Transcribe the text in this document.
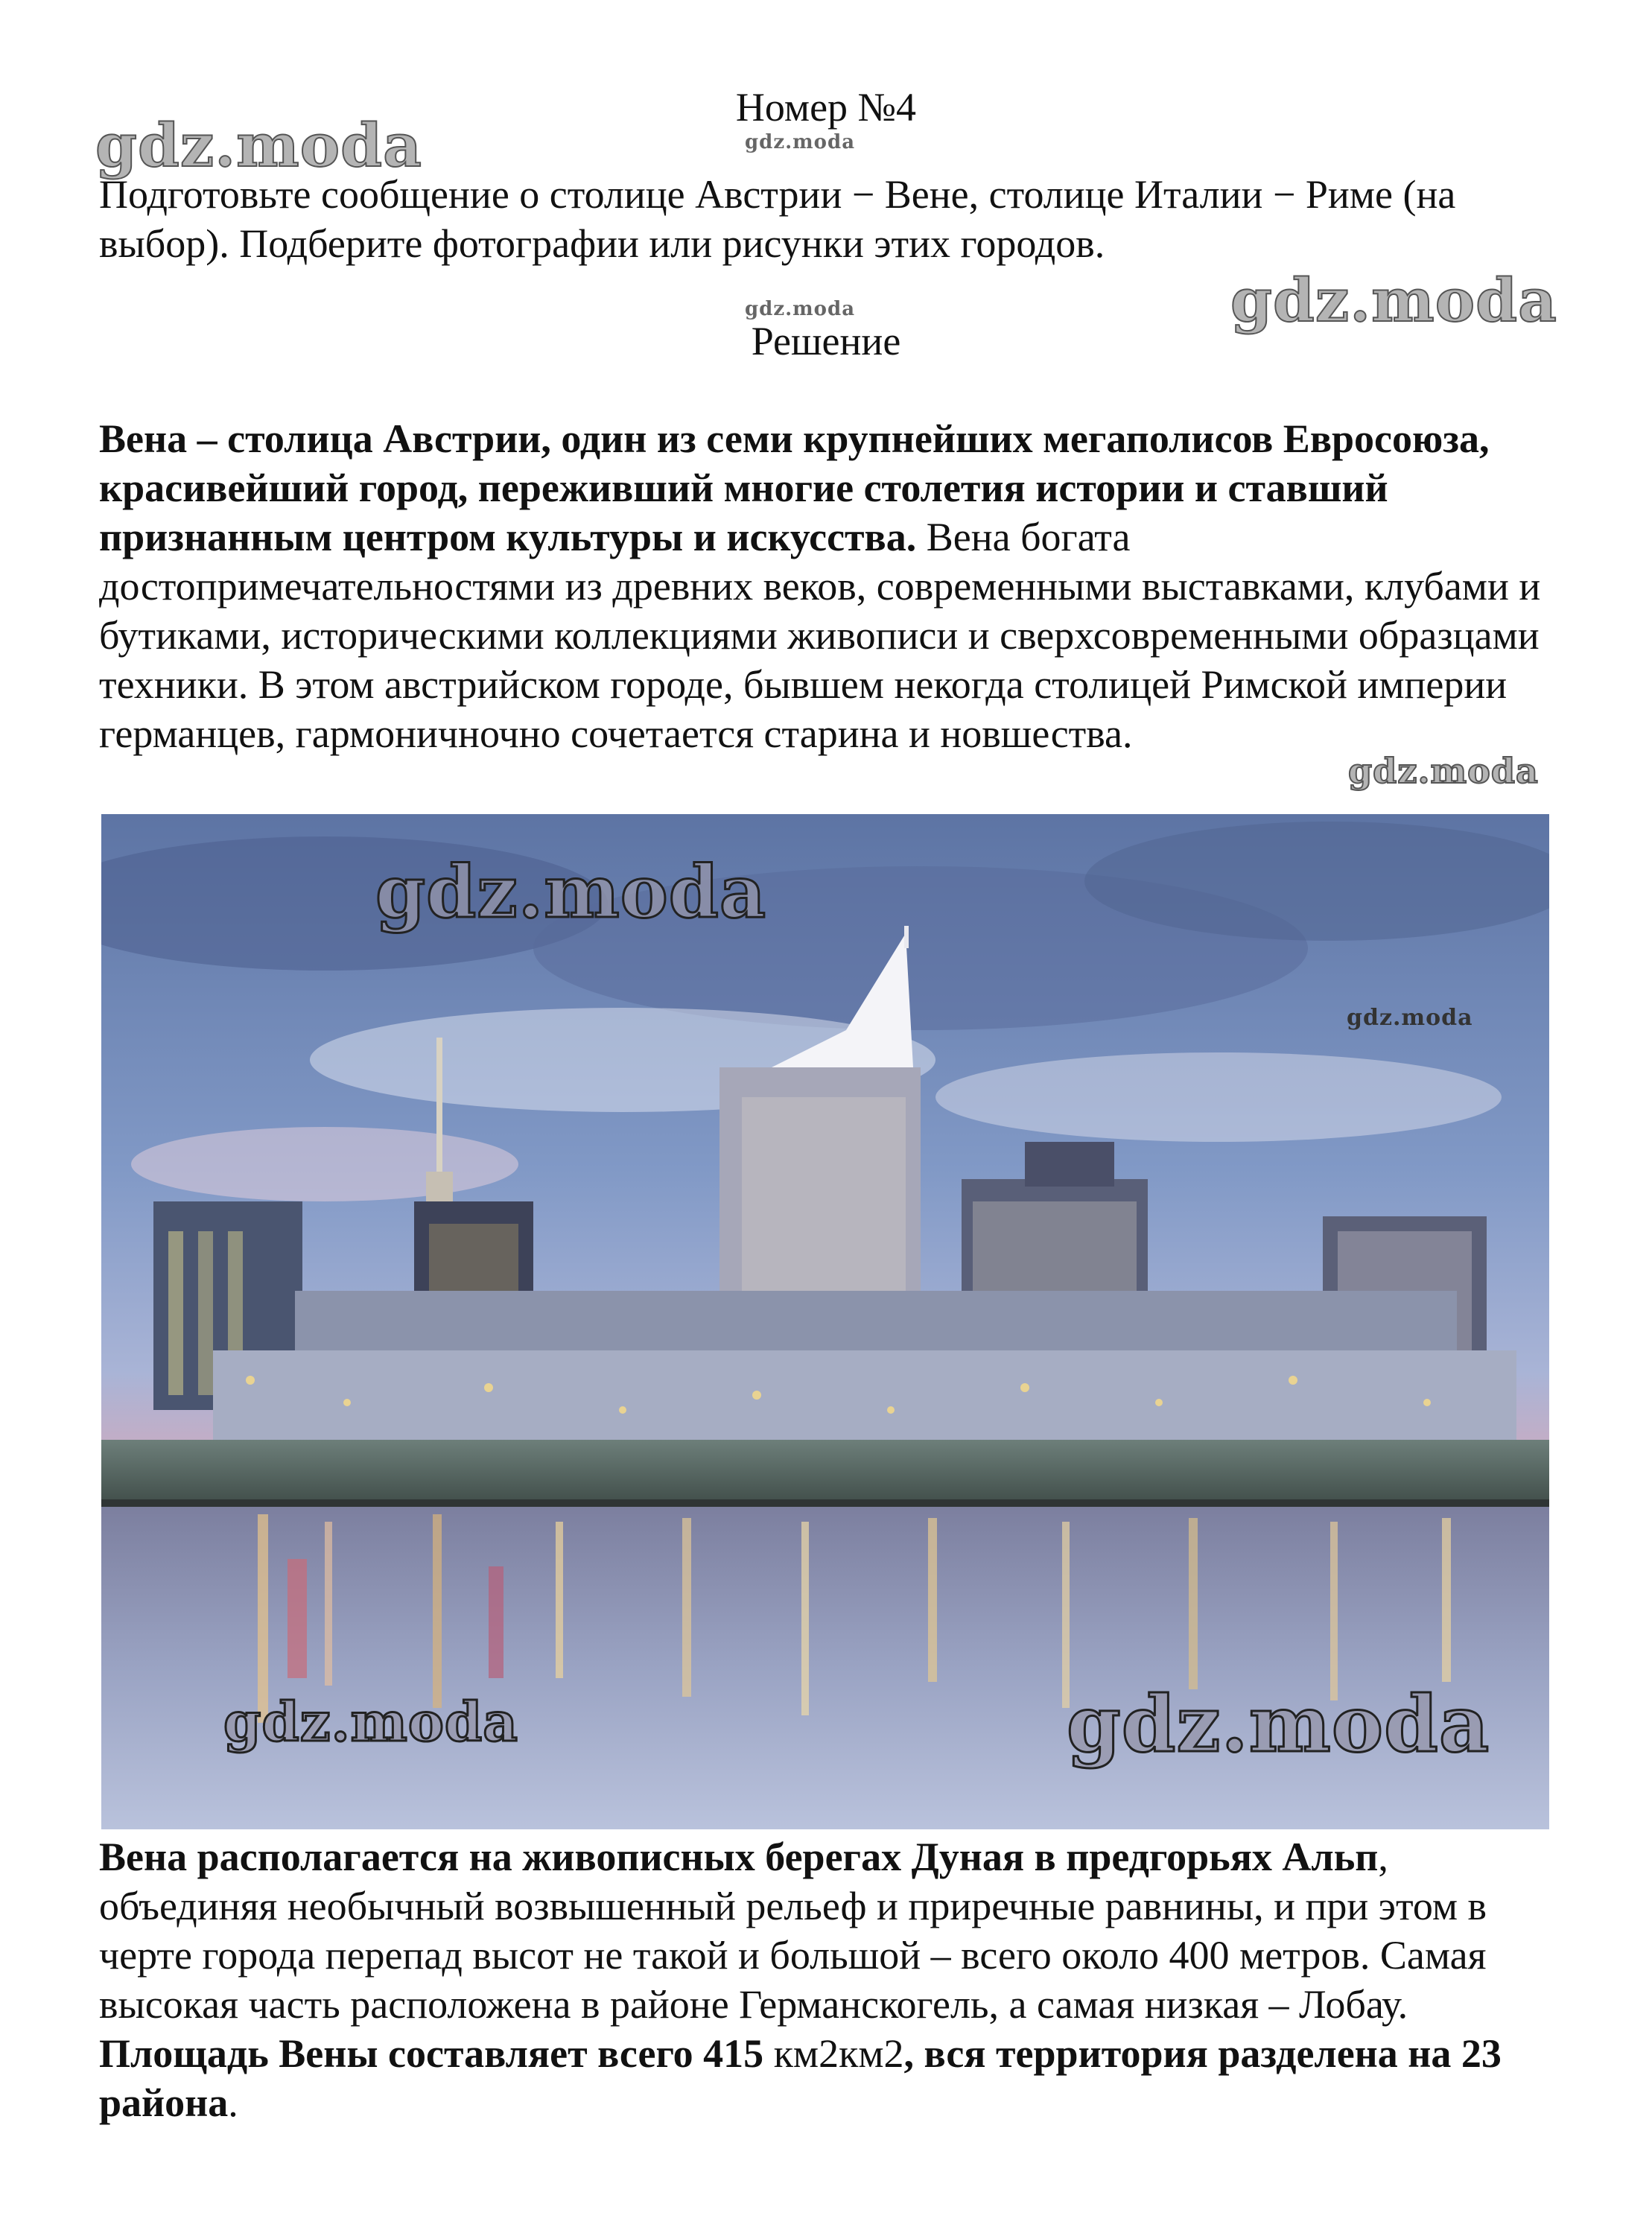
Номер №4
gdz.moda	gdz.moda

Подготовьте сообщение о столице Австрии − Вене, столице Италии − Риме (на выбор). Подберите фотографии или рисунки этих городов.

gdz.moda	gdz.moda
Решение

Вена – столица Австрии, один из семи крупнейших мегаполисов Евросоюза, красивейший город, переживший многие столетия истории и ставший признанным центром культуры и искусства. Вена богата достопримечательностями из древних веков, современными выставками, клубами и бутиками, историческими коллекциями живописи и сверхсовременными образцами техники. В этом австрийском городе, бывшем некогда столицей Римской империи германцев, гармоничночно сочетается старина и новшества.

gdz.moda
gdz.moda
gdz.moda
gdz.moda	gdz.moda

Вена располагается на живописных берегах Дуная в предгорьях Альп, объединяя необычный возвышенный рельеф и приречные равнины, и при этом в черте города перепад высот не такой и большой – всего около 400 метров. Самая высокая часть расположена в районе Германскогель, а самая низкая – Лобау. Площадь Вены составляет всего 415 км2км2, вся территория разделена на 23 района.
